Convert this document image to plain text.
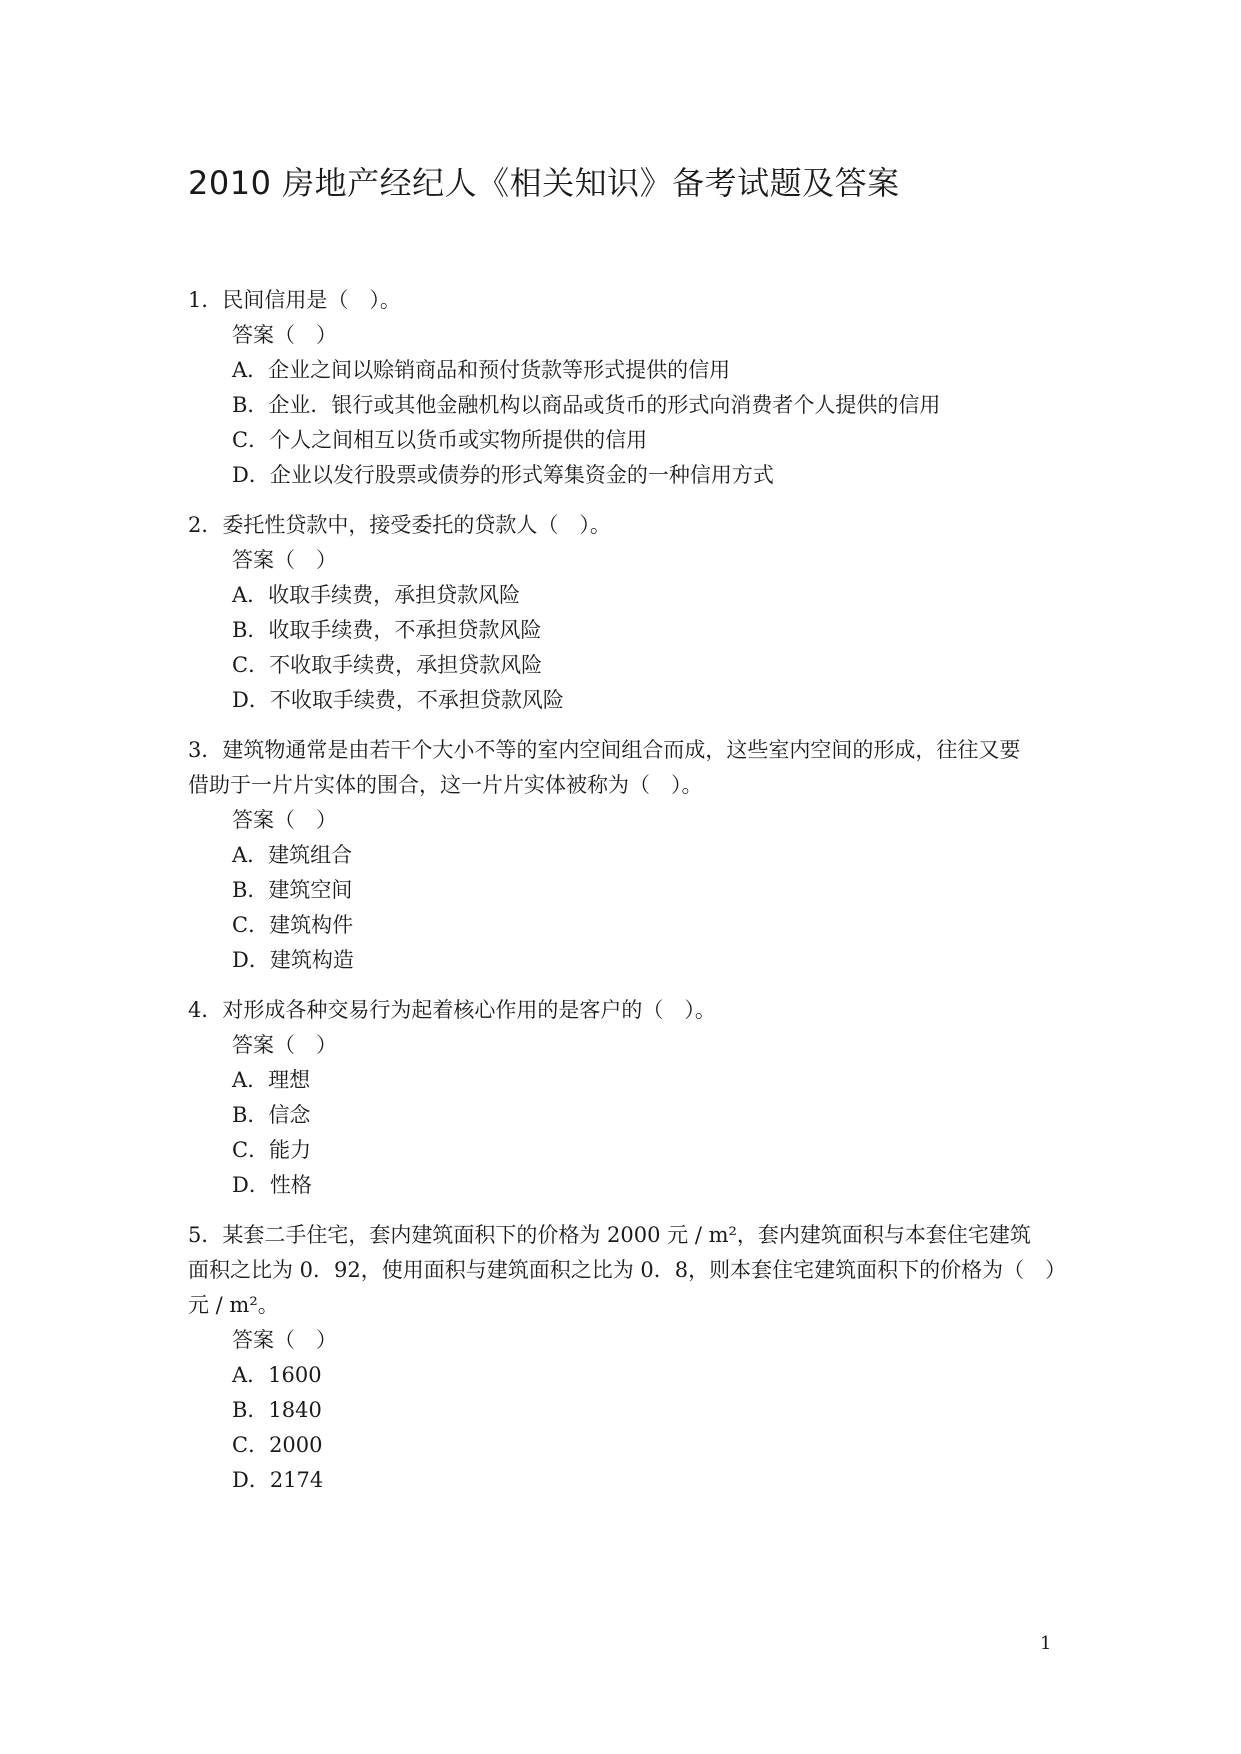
2010 房地产经纪人《相关知识》备考试题及答案
1．民间信用是（　）。
答案（　）
A．企业之间以赊销商品和预付货款等形式提供的信用
B．企业．银行或其他金融机构以商品或货币的形式向消费者个人提供的信用
C．个人之间相互以货币或实物所提供的信用
D．企业以发行股票或债券的形式筹集资金的一种信用方式
2．委托性贷款中，接受委托的贷款人（　）。
答案（　）
A．收取手续费，承担贷款风险
B．收取手续费，不承担贷款风险
C．不收取手续费，承担贷款风险
D．不收取手续费，不承担贷款风险
3．建筑物通常是由若干个大小不等的室内空间组合而成，这些室内空间的形成，往往又要
借助于一片片实体的围合，这一片片实体被称为（　）。
答案（　）
A．建筑组合
B．建筑空间
C．建筑构件
D．建筑构造
4．对形成各种交易行为起着核心作用的是客户的（　）。
答案（　）
A．理想
B．信念
C．能力
D．性格
5．某套二手住宅，套内建筑面积下的价格为 2000 元 / m²，套内建筑面积与本套住宅建筑
面积之比为 0．92，使用面积与建筑面积之比为 0．8，则本套住宅建筑面积下的价格为（　）
元 / m²。
答案（　）
A．1600
B．1840
C．2000
D．2174
1
